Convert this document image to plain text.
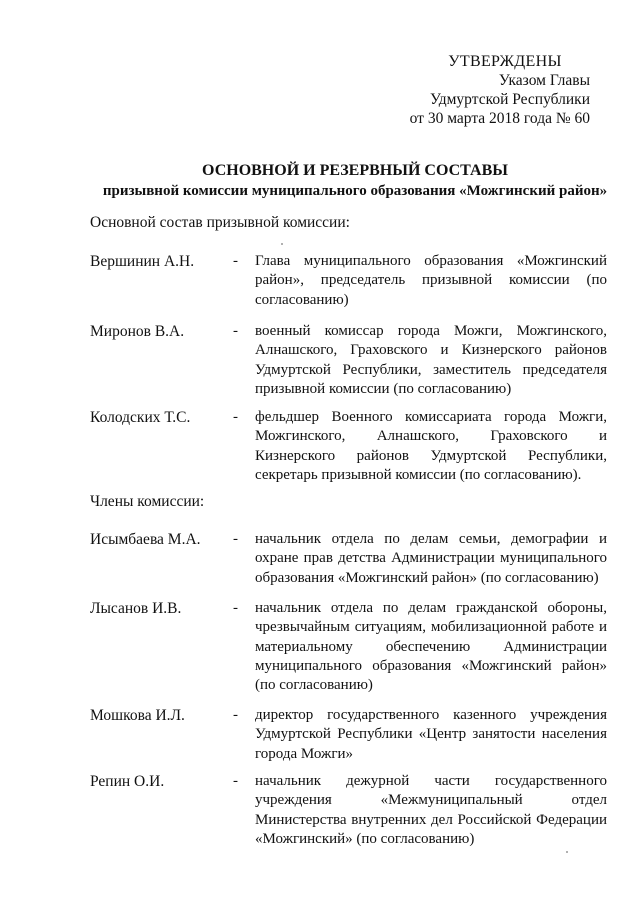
УТВЕРЖДЕНЫ
Указом Главы
Удмуртской Республики
от 30 марта 2018 года № 60
ОСНОВНОЙ И РЕЗЕРВНЫЙ СОСТАВЫ
призывной комиссии муниципального образования «Можгинский район»
Основной состав призывной комиссии:
Вершинин А.Н.	- Глава муниципального образования «Можгинский район», председатель призывной комиссии (по согласованию)
Миронов В.А.	- военный комиссар города Можги, Можгинского, Алнашского, Граховского и Кизнерского районов Удмуртской Республики, заместитель председателя призывной комиссии (по согласованию)
Колодских Т.С.	- фельдшер Военного комиссариата города Можги, Можгинского, Алнашского, Граховского и Кизнерского районов Удмуртской Республики, секретарь призывной комиссии (по согласованию).
Члены комиссии:
Исымбаева М.А. - начальник отдела по делам семьи, демографии и охране прав детства Администрации муниципального образования «Можгинский район» (по согласованию)
Лысанов И.В.	- начальник отдела по делам гражданской обороны, чрезвычайным ситуациям, мобилизационной работе и материальному обеспечению Администрации муниципального образования «Можгинский район» (по согласованию)
Мошкова И.Л.	- директор государственного казенного учреждения Удмуртской Республики «Центр занятости населения города Можги»
Репин О.И.	- начальник дежурной части государственного учреждения «Межмуниципальный отдел Министерства внутренних дел Российской Федерации «Можгинский» (по согласованию)
